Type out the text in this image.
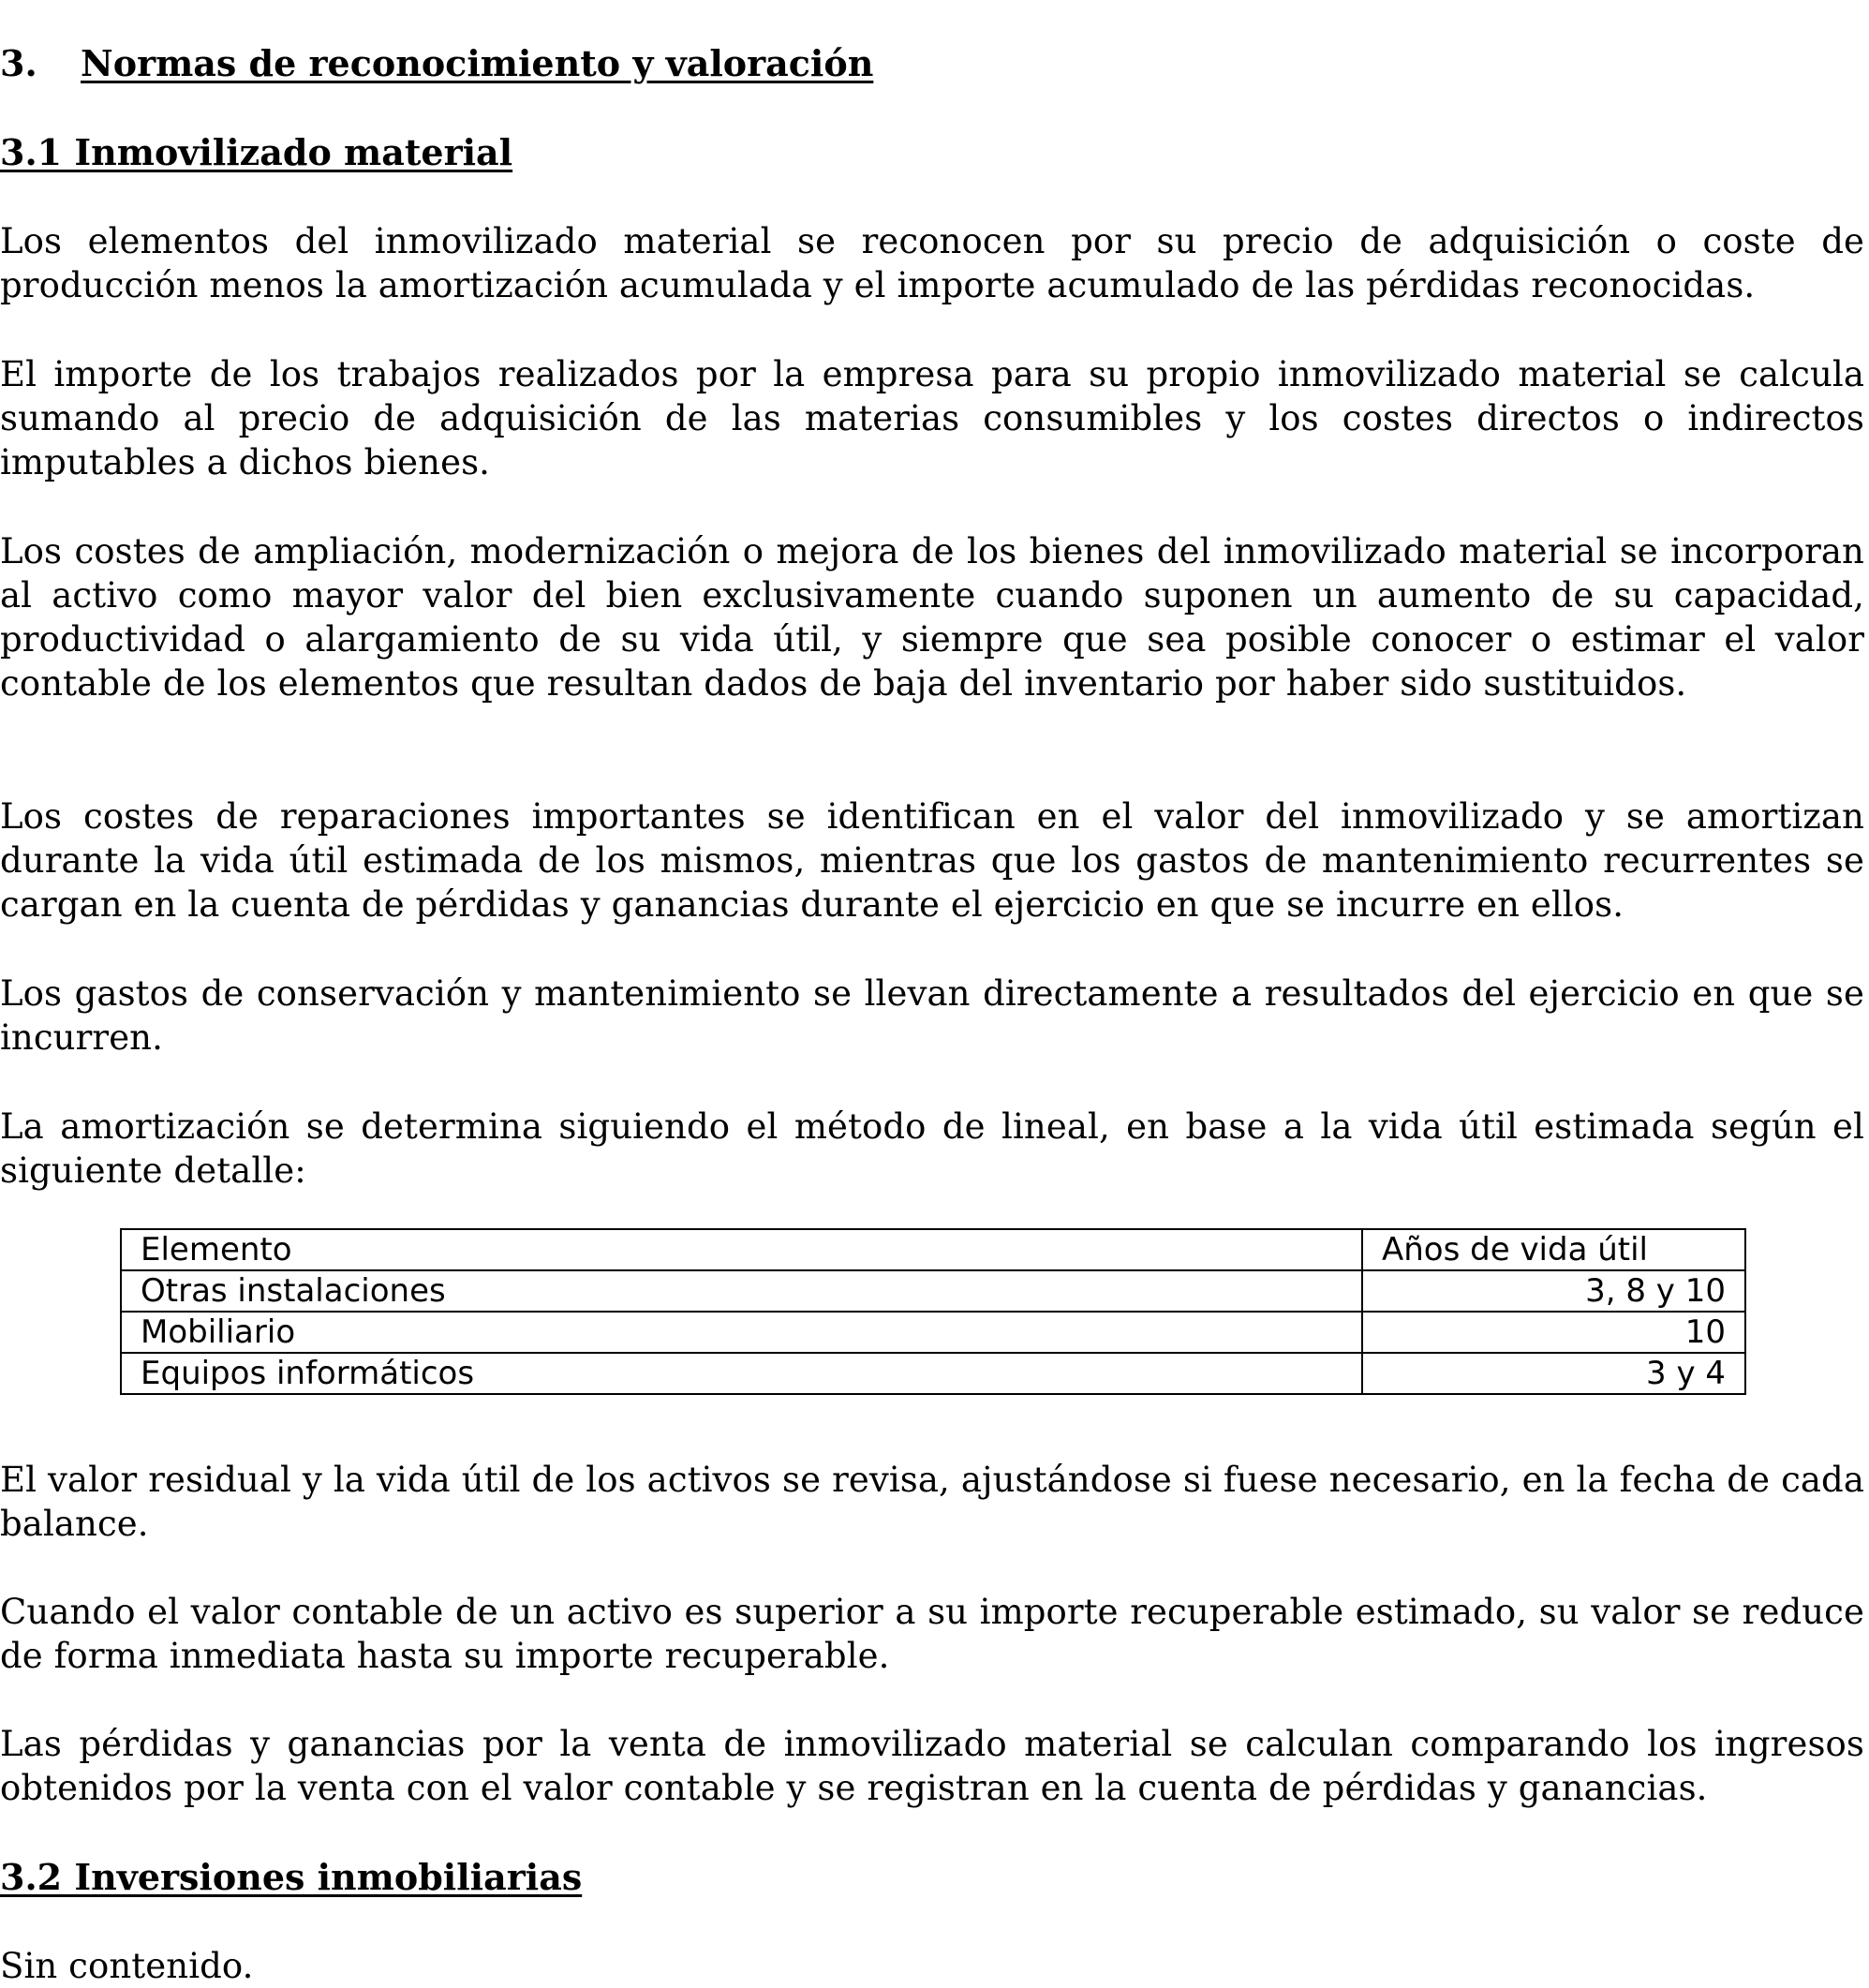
3. Normas de reconocimiento y valoración
3.1 Inmovilizado material
Los elementos del inmovilizado material se reconocen por su precio de adquisición o coste de producción menos la amortización acumulada y el importe acumulado de las pérdidas reconocidas.
El importe de los trabajos realizados por la empresa para su propio inmovilizado material se calcula sumando al precio de adquisición de las materias consumibles y los costes directos o indirectos imputables a dichos bienes.
Los costes de ampliación, modernización o mejora de los bienes del inmovilizado material se incorporan al activo como mayor valor del bien exclusivamente cuando suponen un aumento de su capacidad, productividad o alargamiento de su vida útil, y siempre que sea posible conocer o estimar el valor contable de los elementos que resultan dados de baja del inventario por haber sido sustituidos.
Los costes de reparaciones importantes se identifican en el valor del inmovilizado y se amortizan durante la vida útil estimada de los mismos, mientras que los gastos de mantenimiento recurrentes se cargan en la cuenta de pérdidas y ganancias durante el ejercicio en que se incurre en ellos.
Los gastos de conservación y mantenimiento se llevan directamente a resultados del ejercicio en que se incurren.
La amortización se determina siguiendo el método de lineal, en base a la vida útil estimada según el siguiente detalle:
Elemento	Años de vida útil
Otras instalaciones	3, 8 y 10
Mobiliario	10
Equipos informáticos	3 y 4
El valor residual y la vida útil de los activos se revisa, ajustándose si fuese necesario, en la fecha de cada balance.
Cuando el valor contable de un activo es superior a su importe recuperable estimado, su valor se reduce de forma inmediata hasta su importe recuperable.
Las pérdidas y ganancias por la venta de inmovilizado material se calculan comparando los ingresos obtenidos por la venta con el valor contable y se registran en la cuenta de pérdidas y ganancias.
3.2 Inversiones inmobiliarias
Sin contenido.
